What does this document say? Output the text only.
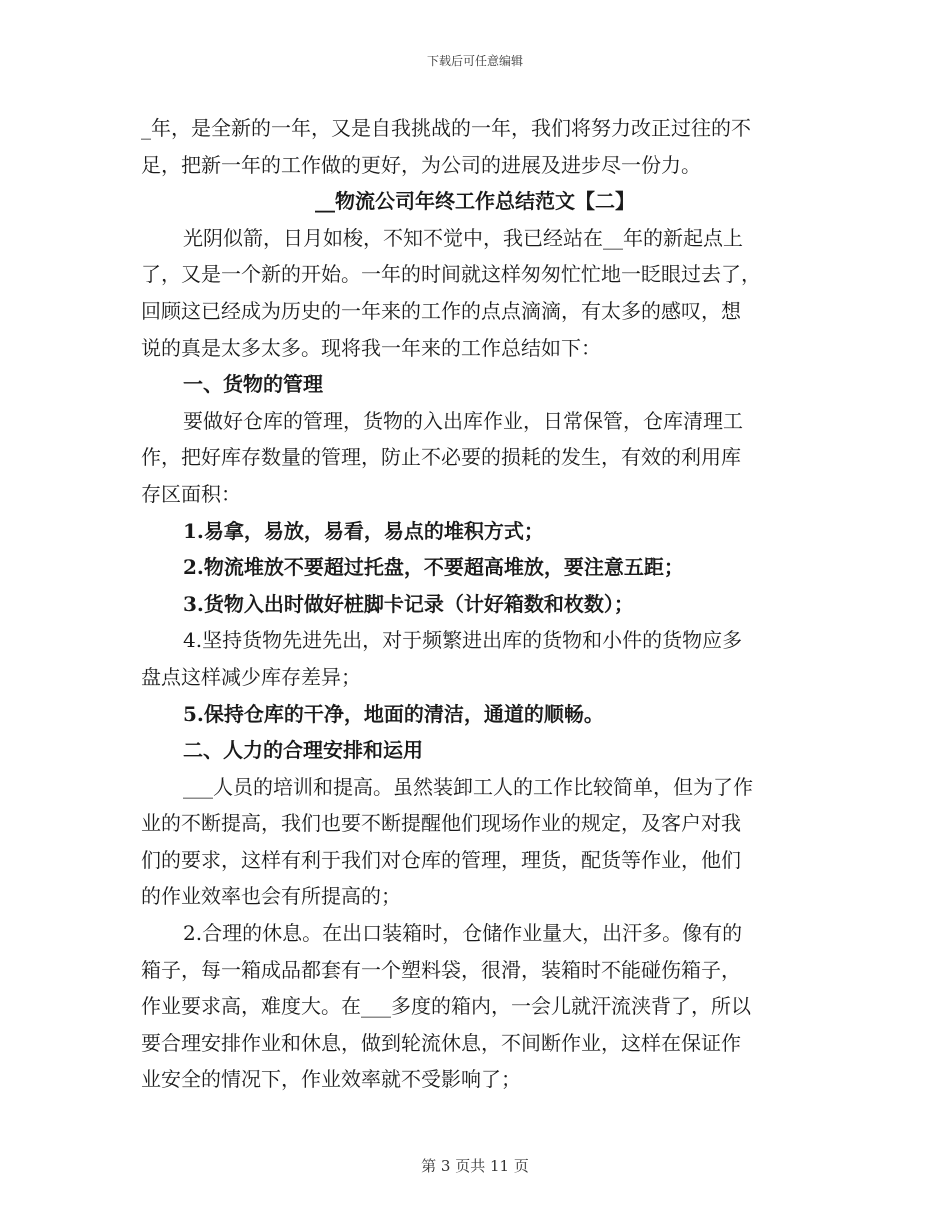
下载后可任意编辑
_年，是全新的一年，又是自我挑战的一年，我们将努力改正过往的不
足，把新一年的工作做的更好，为公司的进展及进步尽一份力。
__物流公司年终工作总结范文【二】
光阴似箭，日月如梭，不知不觉中，我已经站在__年的新起点上
了，又是一个新的开始。一年的时间就这样匆匆忙忙地一眨眼过去了，
回顾这已经成为历史的一年来的工作的点点滴滴，有太多的感叹，想
说的真是太多太多。现将我一年来的工作总结如下：
一、货物的管理
要做好仓库的管理，货物的入出库作业，日常保管，仓库清理工
作，把好库存数量的管理，防止不必要的损耗的发生，有效的利用库
存区面积：
1.易拿，易放，易看，易点的堆积方式；
2.物流堆放不要超过托盘，不要超高堆放，要注意五距；
3.货物入出时做好桩脚卡记录（计好箱数和枚数）；
4.坚持货物先进先出，对于频繁进出库的货物和小件的货物应多
盘点这样减少库存差异；
5.保持仓库的干净，地面的清洁，通道的顺畅。
二、人力的合理安排和运用
___人员的培训和提高。虽然装卸工人的工作比较简单，但为了作
业的不断提高，我们也要不断提醒他们现场作业的规定，及客户对我
们的要求，这样有利于我们对仓库的管理，理货，配货等作业，他们
的作业效率也会有所提高的；
2.合理的休息。在出口装箱时，仓储作业量大，出汗多。像有的
箱子，每一箱成品都套有一个塑料袋，很滑，装箱时不能碰伤箱子，
作业要求高，难度大。在___多度的箱内，一会儿就汗流浃背了，所以
要合理安排作业和休息，做到轮流休息，不间断作业，这样在保证作
业安全的情况下，作业效率就不受影响了；
第 3 页共 11 页
